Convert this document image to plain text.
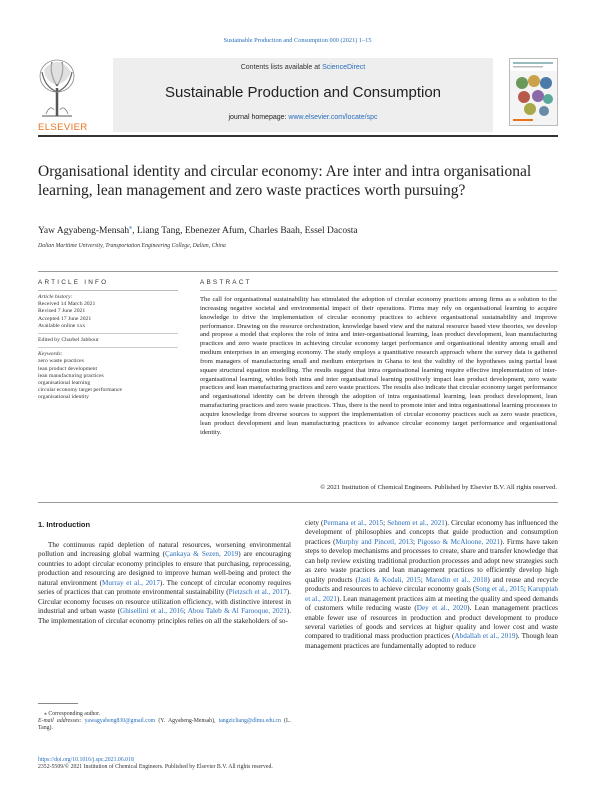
Sustainable Production and Consumption 000 (2021) 1–15
ELSEVIER
Contents lists available at ScienceDirect
Sustainable Production and Consumption
journal homepage: www.elsevier.com/locate/spc
Organisational identity and circular economy: Are inter and intra organisational learning, lean management and zero waste practices worth pursuing?
Yaw Agyabeng-Mensah⁎, Liang Tang, Ebenezer Afum, Charles Baah, Essel Dacosta
Dalian Maritime University, Transportation Engineering College, Dalian, China
ARTICLE INFO
Article history:
Received 14 March 2021
Revised 7 June 2021
Accepted 17 June 2021
Available online xxx
Edited by Charbel Jabbour
Keywords:
zero waste practices
lean product development
lean manufacturing practices
organisational learning
circular economy target performance
organisational identity
ABSTRACT
The call for organisational sustainability has stimulated the adoption of circular economy practices among firms as a solution to the increasing negative societal and environmental impact of their operations. Firms may rely on organisational learning to acquire knowledge to drive the implementation of circular economy practices to achieve organisational sustainability and improve performance. Drawing on the resource orchestration, knowledge based view and the natural resource based view theories, we develop and propose a model that explores the role of intra and inter-organisational learning, lean product development, lean manufacturing practices and zero waste practices in achieving circular economy target performance and organisational identity among small and medium enterprises in an emerging economy. The study employs a quantitative research approach where the survey data is gathered from managers of manufacturing small and medium enterprises in Ghana to test the validity of the hypotheses using partial least square structural equation modelling. The results suggest that intra organisational learning require effective implementation of inter-organisational learning, whiles both intra and inter organisational learning positively impact lean product development, zero waste practices and lean manufacturing practices and zero waste practices. The results also indicate that circular economy target performance and organisational identity can be driven through the adoption of intra organisational learning, lean product development, lean manufacturing practices and zero waste practices. Thus, there is the need to promote inter and intra organisational learning processes to acquire knowledge from diverse sources to support the implementation of circular economy practices such as zero waste practices, lean product development and lean manufacturing practices to advance circular economy target performance and organisational identity.
© 2021 Institution of Chemical Engineers. Published by Elsevier B.V. All rights reserved.
1. Introduction
The continuous rapid depletion of natural resources, worsening environmental pollution and increasing global warming (Çankaya & Sezen, 2019) are encouraging countries to adopt circular economy principles to ensure that purchasing, reprocessing, production and resourcing are designed to improve human well-being and protect the natural environment (Murray et al., 2017). The concept of circular economy requires series of practices that can promote environmental sustainability (Pietzsch et al., 2017). Circular economy focuses on resource utilization efficiency, with distinctive interest in industrial and urban waste (Ghisellini et al., 2016; Abou Taleb & Al Farooque, 2021). The implementation of circular economy principles relies on all the stakeholders of so-
ciety (Permana et al., 2015; Sehnem et al., 2021). Circular economy has influenced the development of philosophies and concepts that guide production and consumption practices (Murphy and Pincetl, 2013; Pigosso & McAloone, 2021). Firms have taken steps to develop mechanisms and processes to create, share and transfer knowledge that can help review existing traditional production processes and adopt new strategies such as zero waste practices and lean management practices to efficiently develop high quality products (Jasti & Kodali, 2015; Marodin et al., 2018) and reuse and recycle products and resources to achieve circular economy goals (Song et al., 2015; Karuppiah et al., 2021). Lean management practices aim at meeting the quality and speed demands of customers while reducing waste (Dey et al., 2020). Lean management practices enable fewer use of resources in production and product development to produce several varieties of goods and services at higher quality and lower cost and waste compared to traditional mass production practices (Abdallah et al., 2019). Though lean management practices are fundamentally adopted to reduce
⁎ Corresponding author.
E-mail addresses: yawagyabeng830@gmail.com (Y. Agyabeng-Mensah), tangzicliang@dlmu.edu.cn (L. Tang).
https://doi.org/10.1016/j.spc.2021.06.018
2352-5509/© 2021 Institution of Chemical Engineers. Published by Elsevier B.V. All rights reserved.
